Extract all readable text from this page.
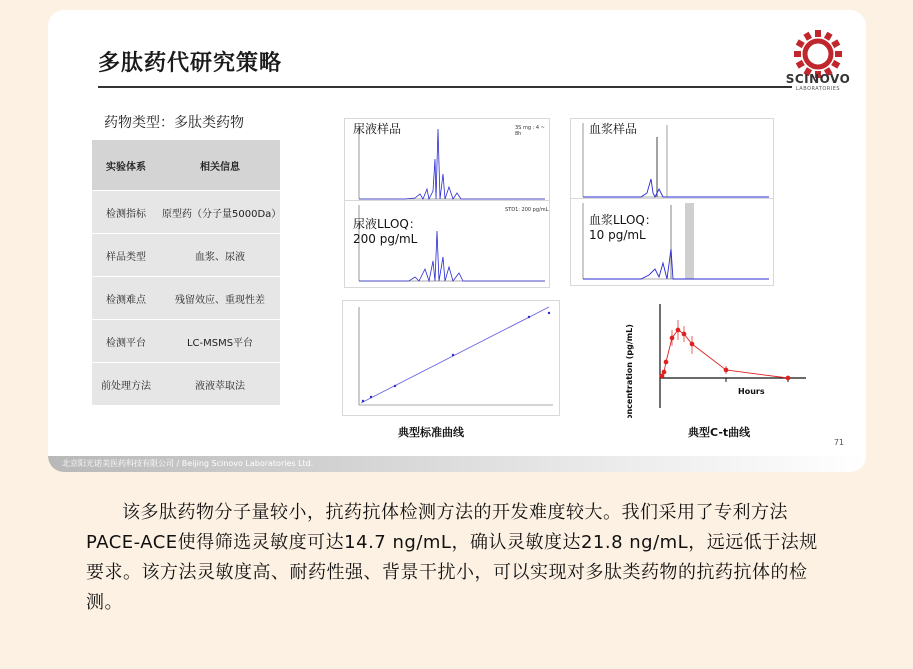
多肽药代研究策略
SCINOVO
LABORATORIES
药物类型：多肽类药物
实验体系	相关信息
检测指标	原型药（分子量5000Da）
样品类型	血浆、尿液
检测难点	残留效应、重现性差
检测平台	LC-MSMS平台
前处理方法	液液萃取法
尿液样品	3S mg : 4 ~ 8h
尿液LLOQ：
200 pg/mL
STD1: 200 pg/mL
血浆样品
血浆LLOQ：
10 pg/mL
Concentration (pg/mL)	Hours
典型标准曲线	典型C-t曲线
71
北京阳光诺美医药科技有限公司 / Beijing Scinovo Laboratories Ltd.
该多肽药物分子量较小，抗药抗体检测方法的开发难度较大。我们采用了专利方法PACE-ACE使得筛选灵敏度可达14.7 ng/mL，确认灵敏度达21.8 ng/mL，远远低于法规要求。该方法灵敏度高、耐药性强、背景干扰小，可以实现对多肽类药物的抗药抗体的检测。
